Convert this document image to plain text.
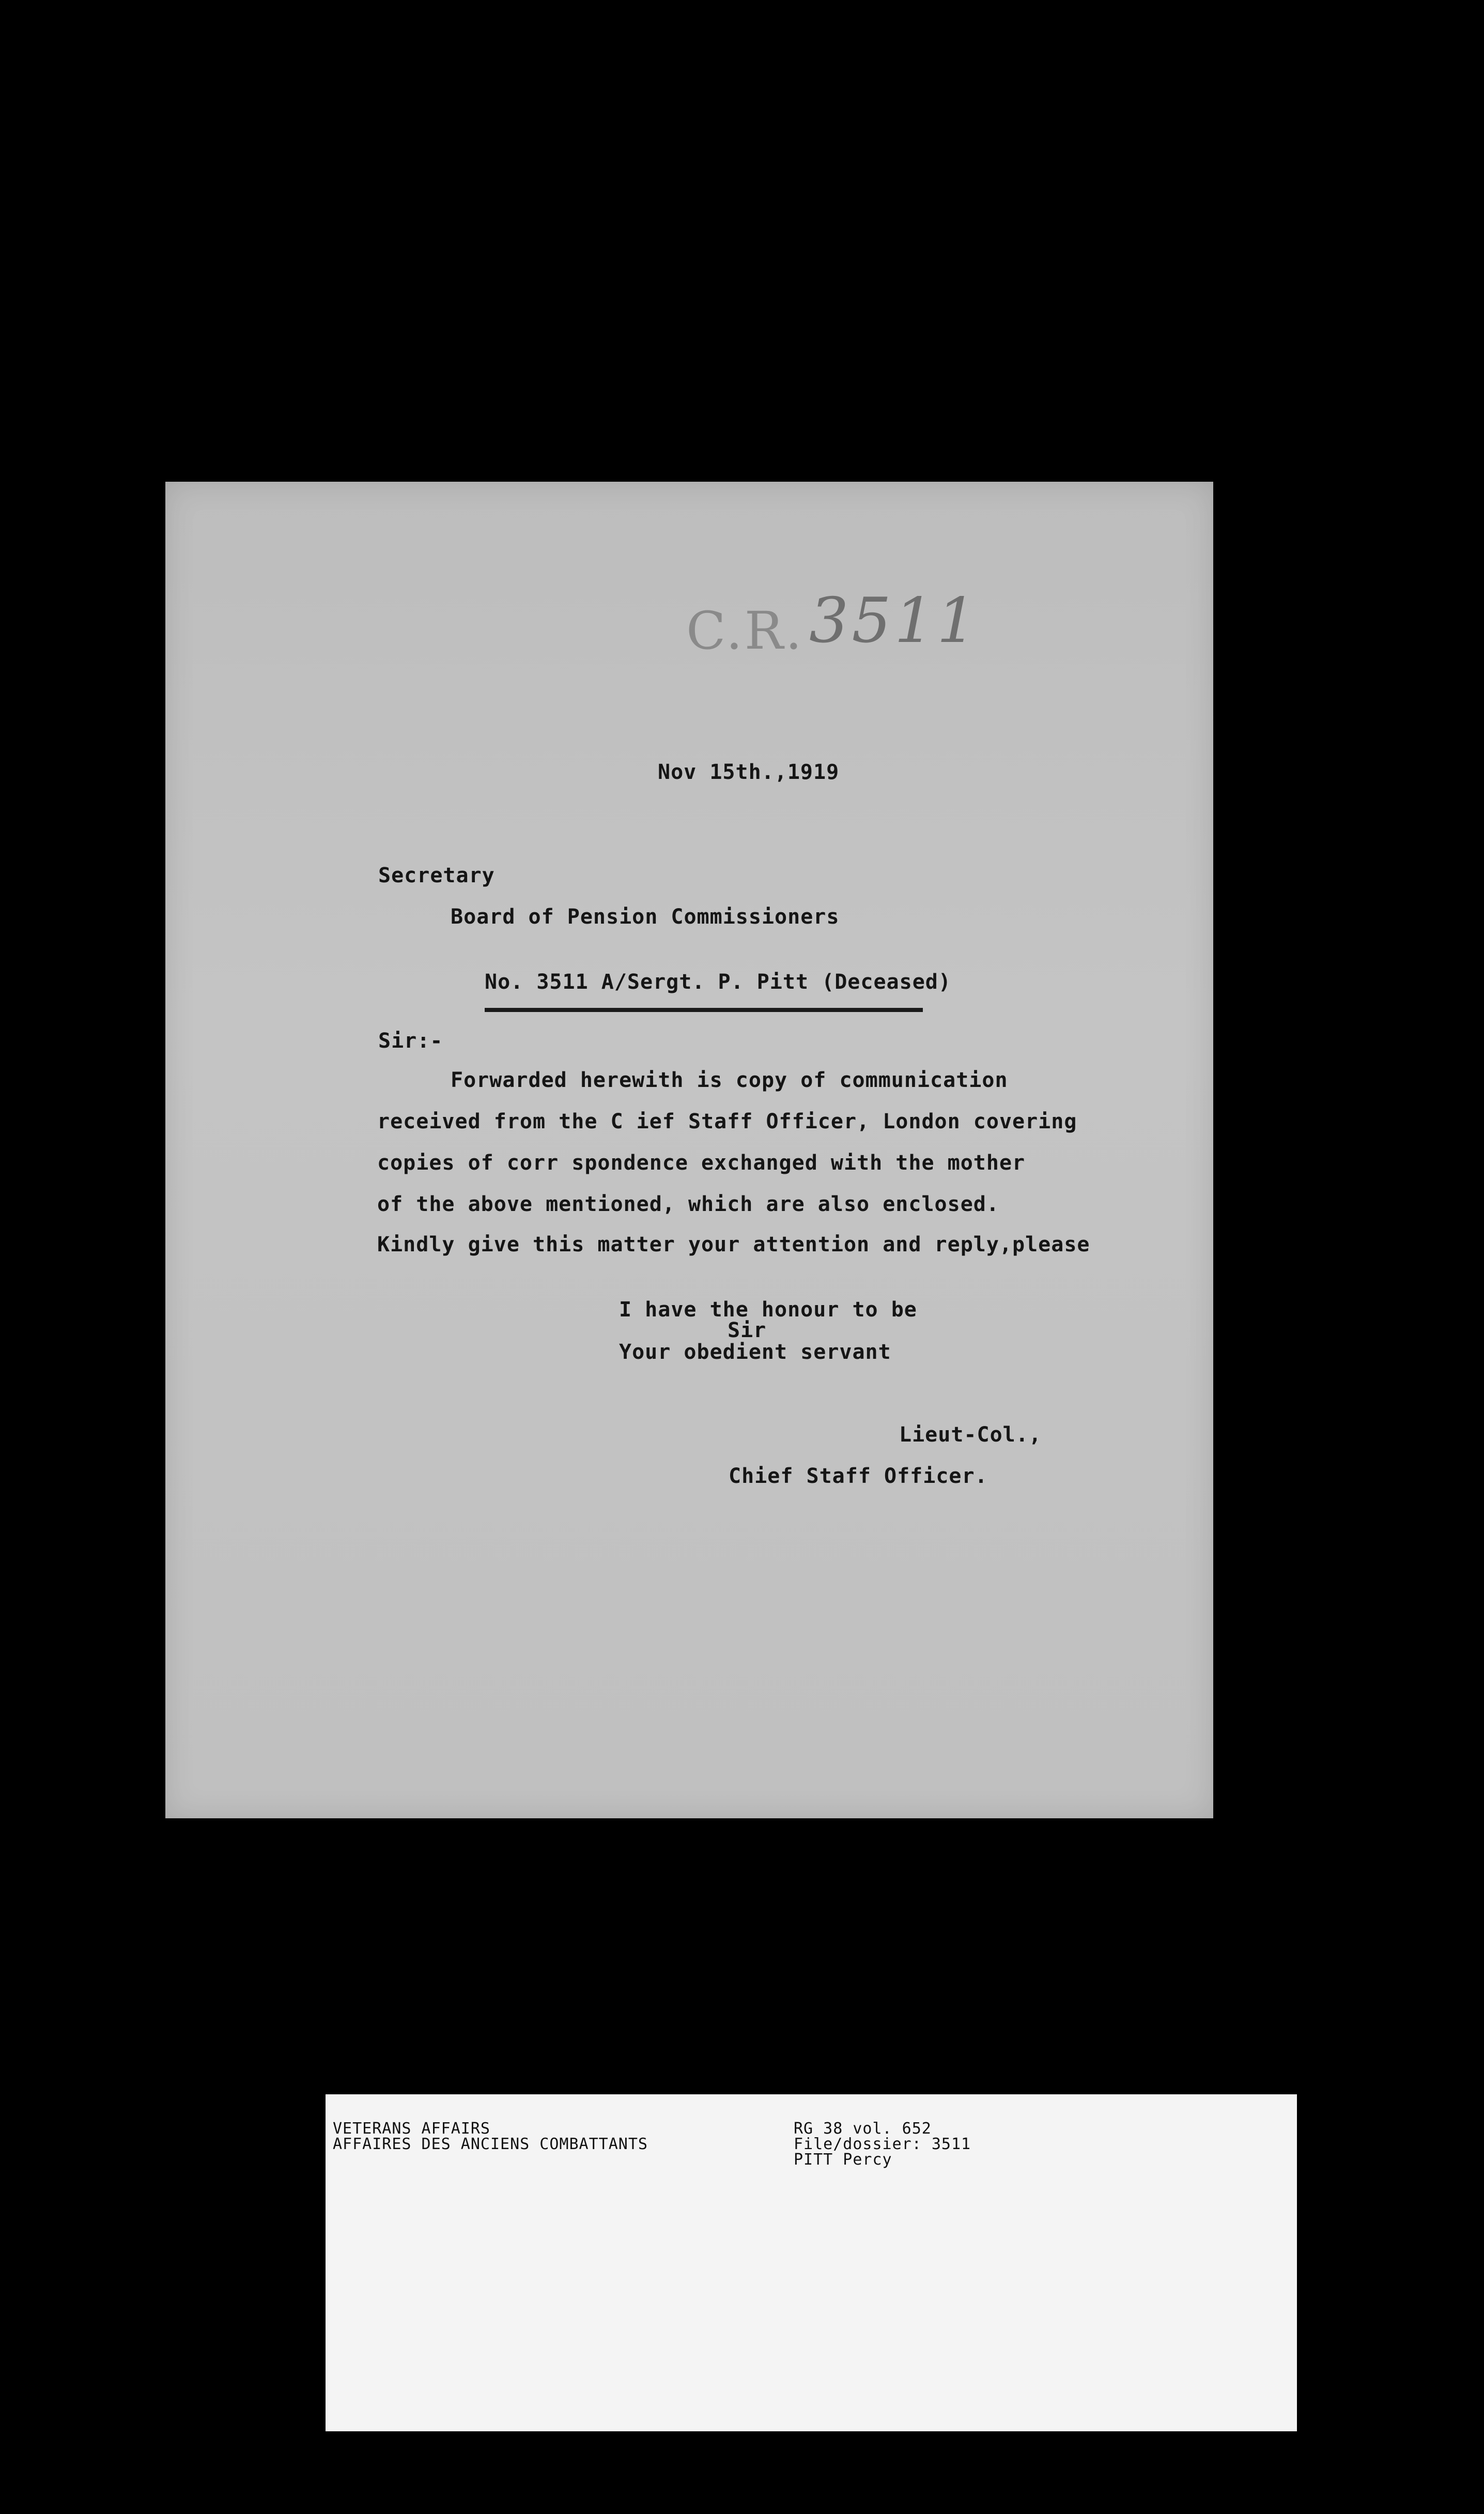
C.R. 3511
Nov 15th.,1919
Secretary
Board of Pension Commissioners
No. 3511 A/Sergt. P. Pitt (Deceased)
Sir:-
Forwarded herewith is copy of communication
received from the C ief Staff Officer, London covering
copies of corr spondence exchanged with the mother
of the above mentioned, which are also enclosed.
Kindly give this matter your attention and reply,please
I have the honour to be
Sir
Your obedient servant
Lieut-Col.,
Chief Staff Officer.
VETERANS AFFAIRS
AFFAIRES DES ANCIENS COMBATTANTS
RG 38 vol. 652
File/dossier: 3511
PITT Percy
